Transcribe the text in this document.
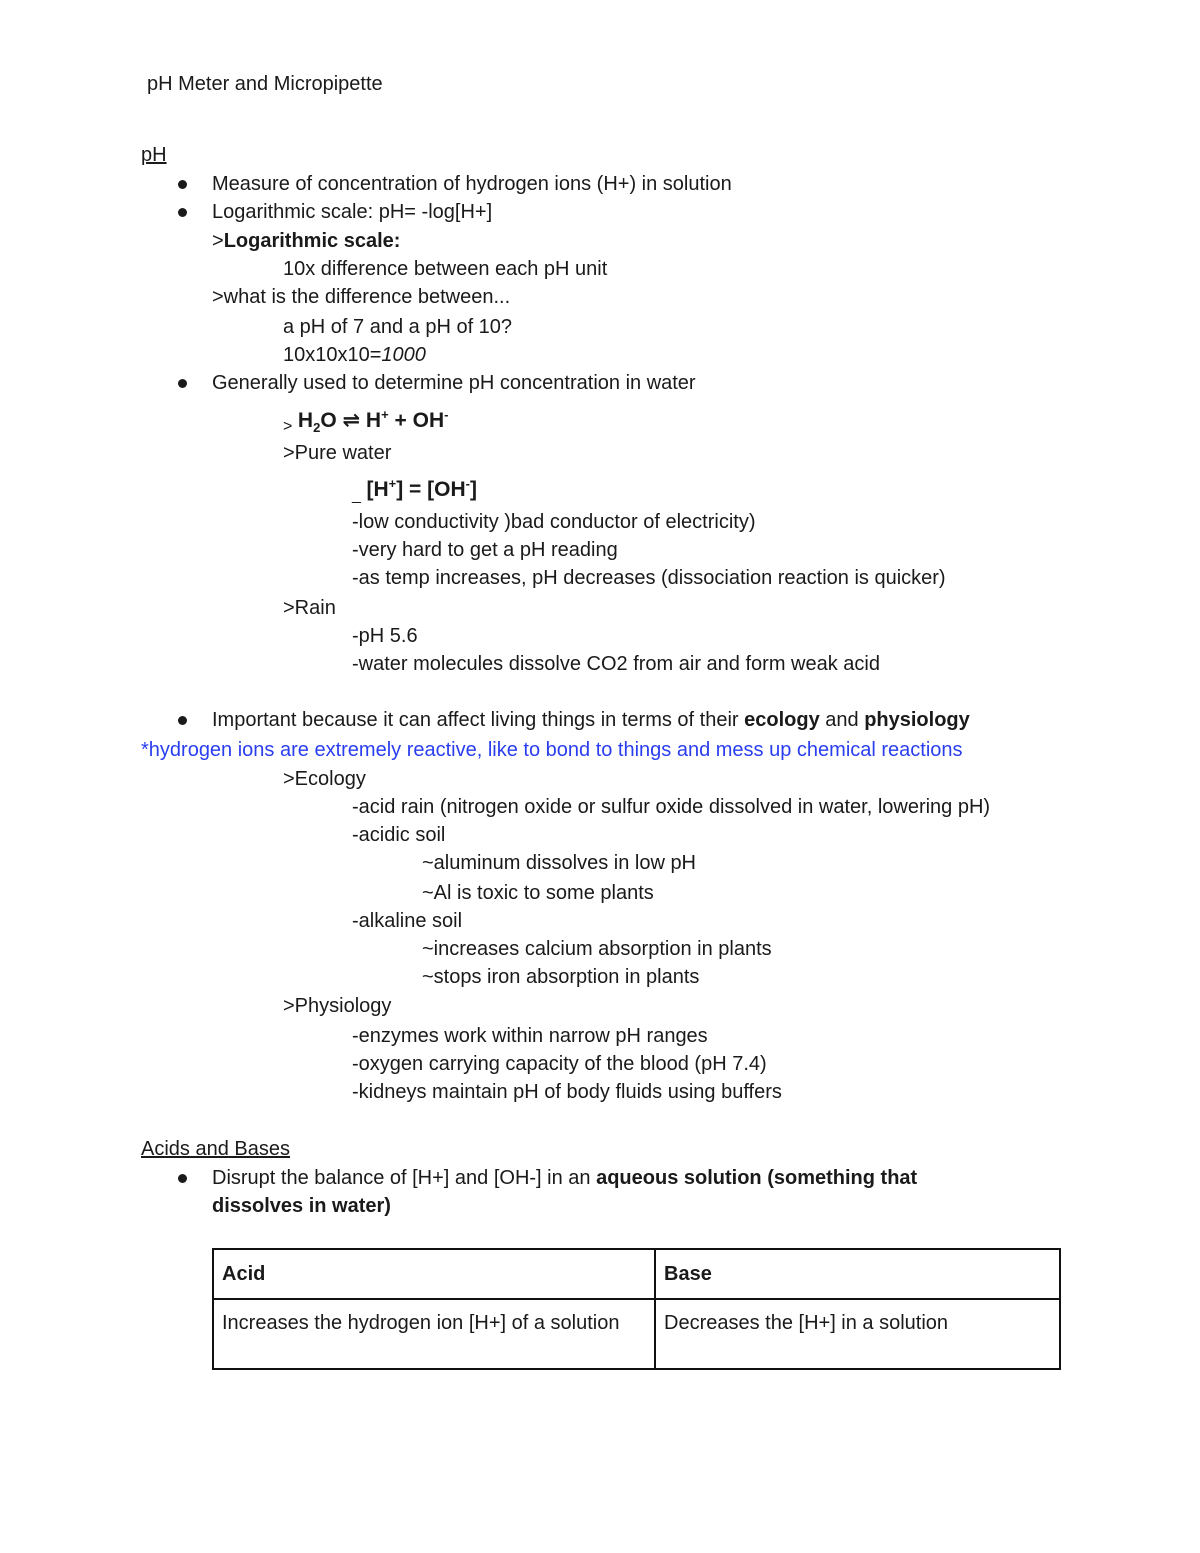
pH Meter and Micropipette
pH
Measure of concentration of hydrogen ions (H+) in solution
Logarithmic scale: pH= -log[H+]
>Logarithmic scale:
10x difference between each pH unit
>what is the difference between...
a pH of 7 and a pH of 10?
10x10x10=1000
Generally used to determine pH concentration in water
$_>$ $H_2O$ ⇌ H+ + OH-
>Pure water
$_{\_}$ [H+] = [OH-]
-low conductivity )bad conductor of electricity)
-very hard to get a pH reading
-as temp increases, pH decreases (dissociation reaction is quicker)
>Rain
-pH 5.6
-water molecules dissolve CO2 from air and form weak acid
Important because it can affect living things in terms of their ecology and physiology
*hydrogen ions are extremely reactive, like to bond to things and mess up chemical reactions
>Ecology
-acid rain (nitrogen oxide or sulfur oxide dissolved in water, lowering pH)
-acidic soil
~aluminum dissolves in low pH
~Al is toxic to some plants
-alkaline soil
~increases calcium absorption in plants
~stops iron absorption in plants
>Physiology
-enzymes work within narrow pH ranges
-oxygen carrying capacity of the blood (pH 7.4)
-kidneys maintain pH of body fluids using buffers
Acids and Bases
Disrupt the balance of [H+] and [OH-] in an aqueous solution (something that
dissolves in water)
Acid	Base
Increases the hydrogen ion [H+] of a solution	Decreases the [H+] in a solution
